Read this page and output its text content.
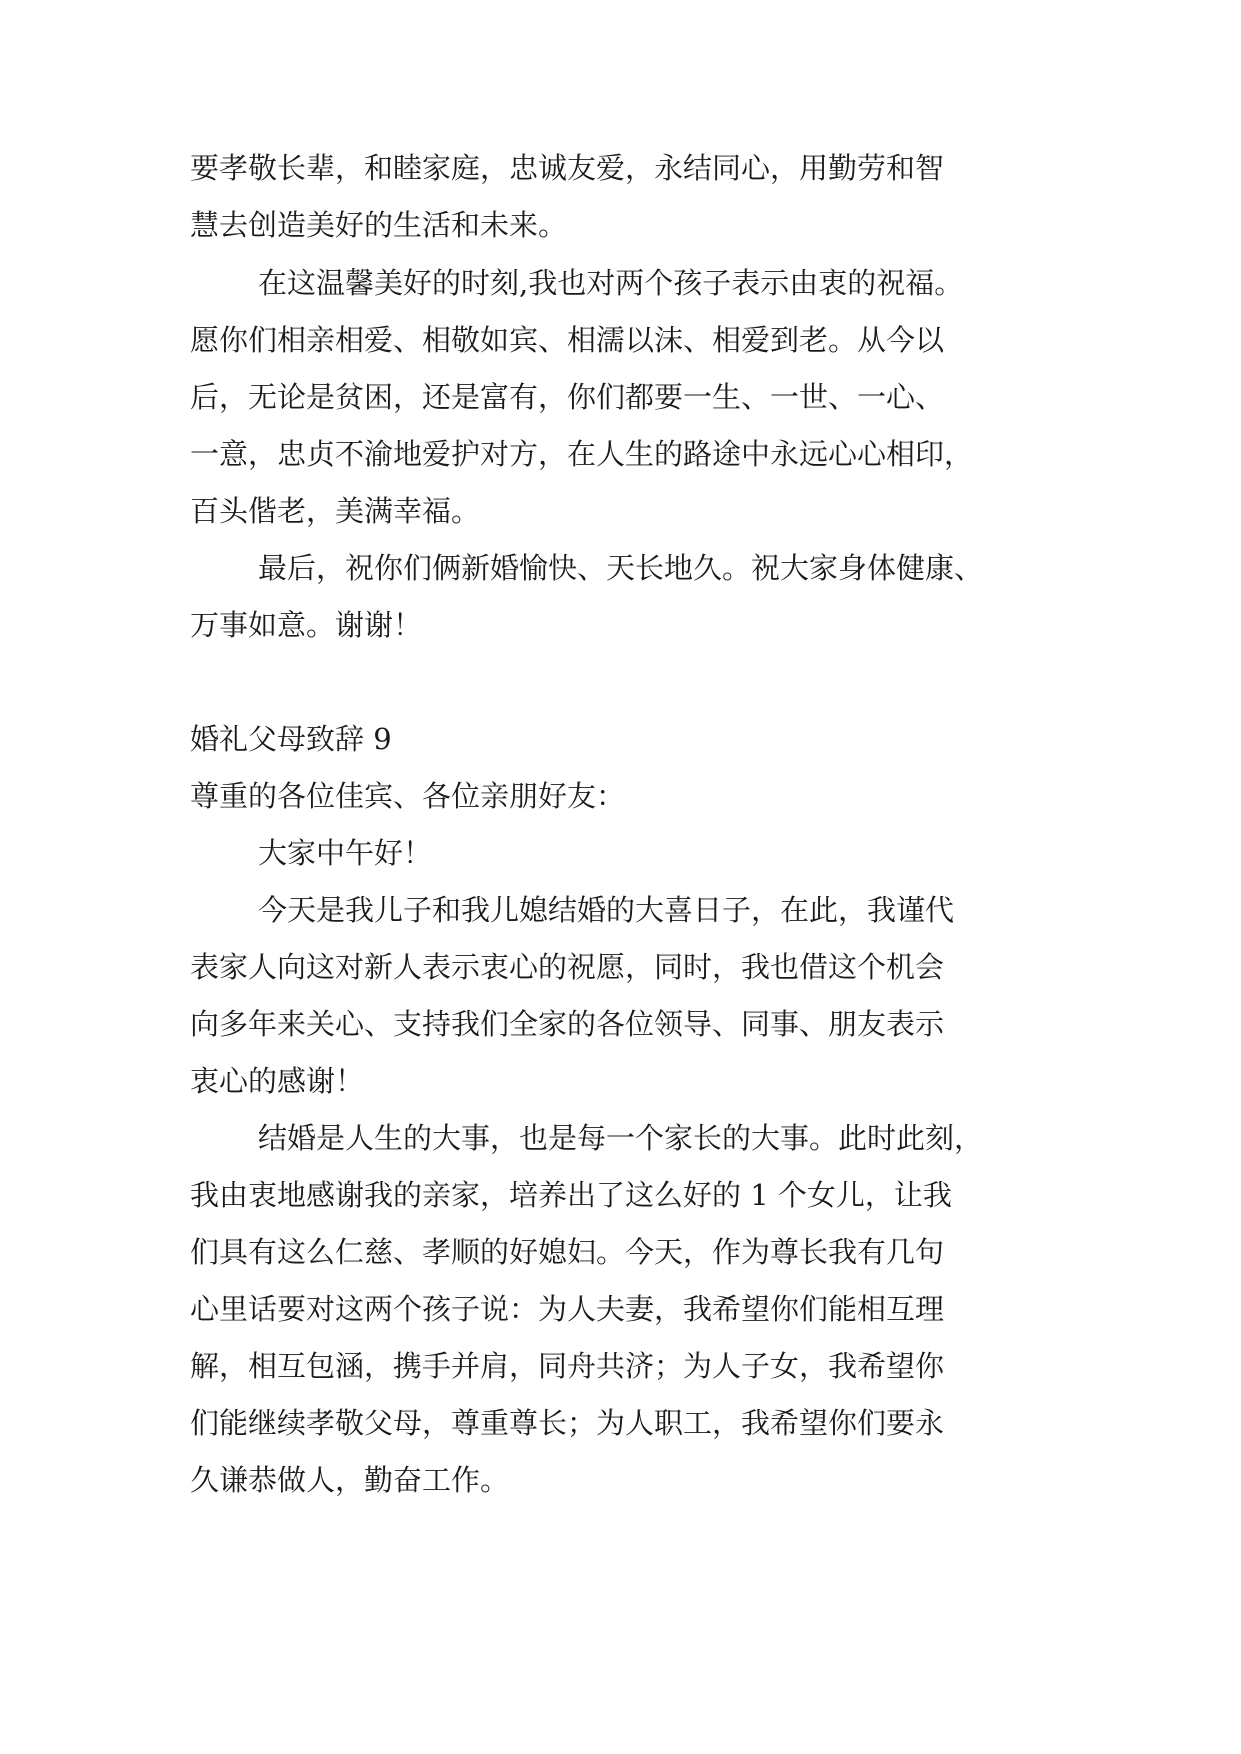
要孝敬长辈，和睦家庭，忠诚友爱，永结同心，用勤劳和智
慧去创造美好的生活和未来。
在这温馨美好的时刻,我也对两个孩子表示由衷的祝福。
愿你们相亲相爱、相敬如宾、相濡以沫、相爱到老。从今以
后，无论是贫困，还是富有，你们都要一生、一世、一心、
一意，忠贞不渝地爱护对方，在人生的路途中永远心心相印，
百头偕老，美满幸福。
最后，祝你们俩新婚愉快、天长地久。祝大家身体健康、
万事如意。谢谢！
婚礼父母致辞 9
尊重的各位佳宾、各位亲朋好友：
大家中午好！
今天是我儿子和我儿媳结婚的大喜日子，在此，我谨代
表家人向这对新人表示衷心的祝愿，同时，我也借这个机会
向多年来关心、支持我们全家的各位领导、同事、朋友表示
衷心的感谢！
结婚是人生的大事，也是每一个家长的大事。此时此刻，
我由衷地感谢我的亲家，培养出了这么好的 1 个女儿，让我
们具有这么仁慈、孝顺的好媳妇。今天，作为尊长我有几句
心里话要对这两个孩子说：为人夫妻，我希望你们能相互理
解，相互包涵，携手并肩，同舟共济；为人子女，我希望你
们能继续孝敬父母，尊重尊长；为人职工，我希望你们要永
久谦恭做人，勤奋工作。
